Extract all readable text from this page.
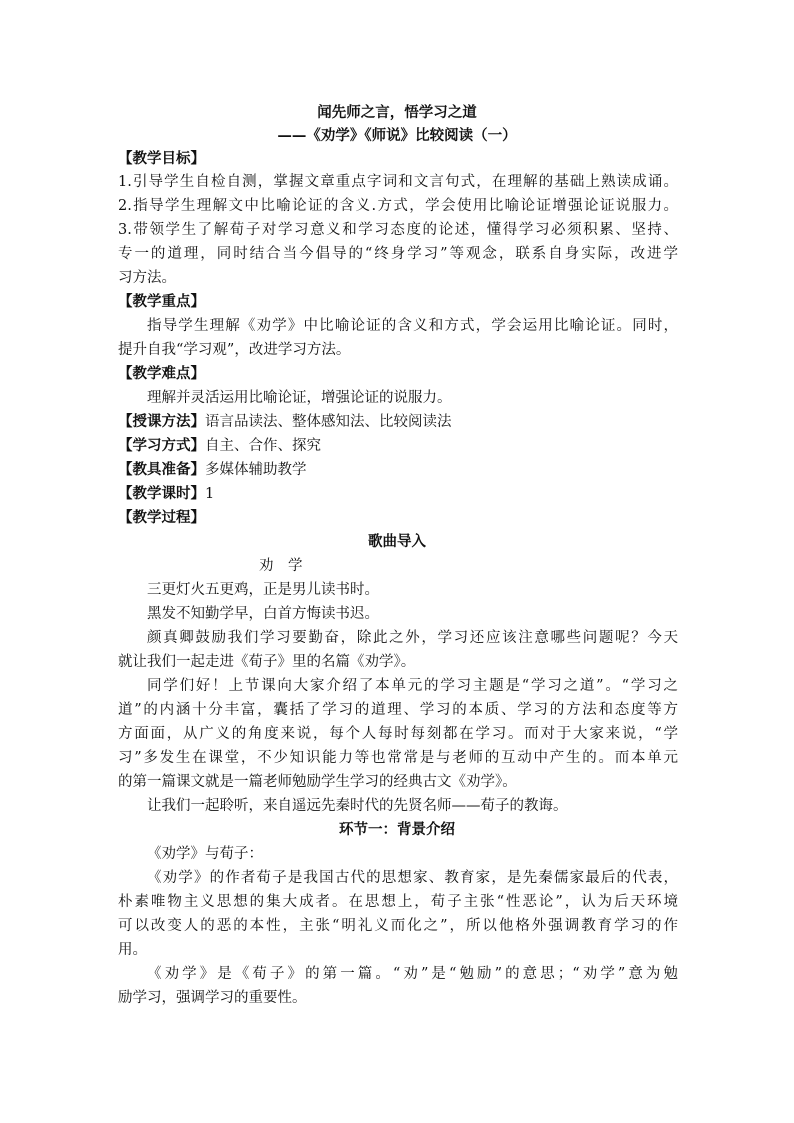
闻先师之言，悟学习之道
——《劝学》《师说》比较阅读（一）
【教学目标】
1.引导学生自检自测，掌握文章重点字词和文言句式，在理解的基础上熟读成诵。
2.指导学生理解文中比喻论证的含义.方式，学会使用比喻论证增强论证说服力。
3.带领学生了解荀子对学习意义和学习态度的论述，懂得学习必须积累、坚持、
专一的道理，同时结合当今倡导的“终身学习”等观念，联系自身实际，改进学
习方法。
【教学重点】
指导学生理解《劝学》中比喻论证的含义和方式，学会运用比喻论证。同时，
提升自我“学习观”，改进学习方法。
【教学难点】
理解并灵活运用比喻论证，增强论证的说服力。
【授课方法】语言品读法、整体感知法、比较阅读法
【学习方式】自主、合作、探究
【教具准备】多媒体辅助教学
【教学课时】1
【教学过程】
歌曲导入
劝　学
三更灯火五更鸡，正是男儿读书时。
黑发不知勤学早，白首方悔读书迟。
颜真卿鼓励我们学习要勤奋，除此之外，学习还应该注意哪些问题呢？今天
就让我们一起走进《荀子》里的名篇《劝学》。
同学们好！上节课向大家介绍了本单元的学习主题是“学习之道”。“学习之
道”的内涵十分丰富，囊括了学习的道理、学习的本质、学习的方法和态度等方
方面面，从广义的角度来说，每个人每时每刻都在学习。而对于大家来说，“学
习”多发生在课堂，不少知识能力等也常常是与老师的互动中产生的。而本单元
的第一篇课文就是一篇老师勉励学生学习的经典古文《劝学》。
让我们一起聆听，来自遥远先秦时代的先贤名师——荀子的教诲。
环节一：背景介绍
《劝学》与荀子：
《劝学》的作者荀子是我国古代的思想家、教育家，是先秦儒家最后的代表，
朴素唯物主义思想的集大成者。在思想上，荀子主张“性恶论”，认为后天环境
可以改变人的恶的本性，主张“明礼义而化之”，所以他格外强调教育学习的作
用。
《劝学》是《荀子》的第一篇。“劝”是“勉励”的意思；“劝学”意为勉
励学习，强调学习的重要性。
